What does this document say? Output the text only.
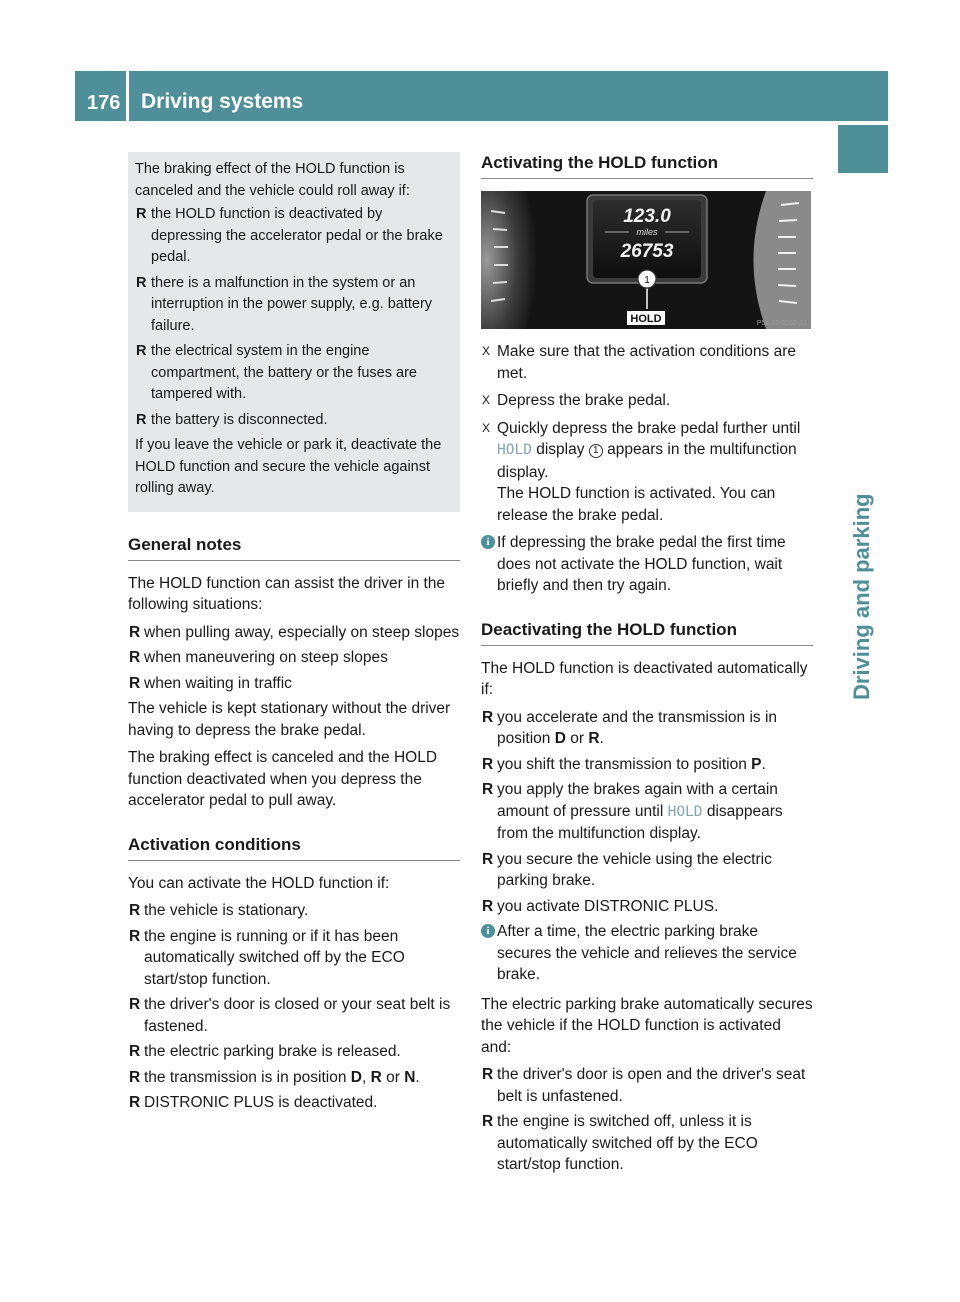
176 Driving systems
Driving and parking

The braking effect of the HOLD function is canceled and the vehicle could roll away if:

R the HOLD function is deactivated by depressing the accelerator pedal or the brake pedal.
R there is a malfunction in the system or an interruption in the power supply, e.g. battery failure.
R the electrical system in the engine compartment, the battery or the fuses are tampered with.
R the battery is disconnected.

If you leave the vehicle or park it, deactivate the HOLD function and secure the vehicle against rolling away.

General notes

The HOLD function can assist the driver in the following situations:

R when pulling away, especially on steep slopes
R when maneuvering on steep slopes
R when waiting in traffic

The vehicle is kept stationary without the driver having to depress the brake pedal.

The braking effect is canceled and the HOLD function deactivated when you depress the accelerator pedal to pull away.

Activation conditions

You can activate the HOLD function if:

R the vehicle is stationary.
R the engine is running or if it has been automatically switched off by the ECO start/stop function.
R the driver's door is closed or your seat belt is fastened.
R the electric parking brake is released.
R the transmission is in position D, R or N.
R DISTRONIC PLUS is deactivated.
Activating the HOLD function
123.0
miles
26753
1
HOLD	P54.32-9252-31
X Make sure that the activation conditions are met.
X Depress the brake pedal.
X Quickly depress the brake pedal further until HOLD display 1 appears in the multifunction display.
The HOLD function is activated. You can release the brake pedal.
i If depressing the brake pedal the first time does not activate the HOLD function, wait briefly and then try again.
Deactivating the HOLD function

The HOLD function is deactivated automatically if:

R you accelerate and the transmission is in position D or R.
R you shift the transmission to position P.
R you apply the brakes again with a certain amount of pressure until HOLD disappears from the multifunction display.
R you secure the vehicle using the electric parking brake.
R you activate DISTRONIC PLUS.
i After a time, the electric parking brake secures the vehicle and relieves the service brake.

The electric parking brake automatically secures the vehicle if the HOLD function is activated and:

R the driver's door is open and the driver's seat belt is unfastened.
R the engine is switched off, unless it is automatically switched off by the ECO start/stop function.
